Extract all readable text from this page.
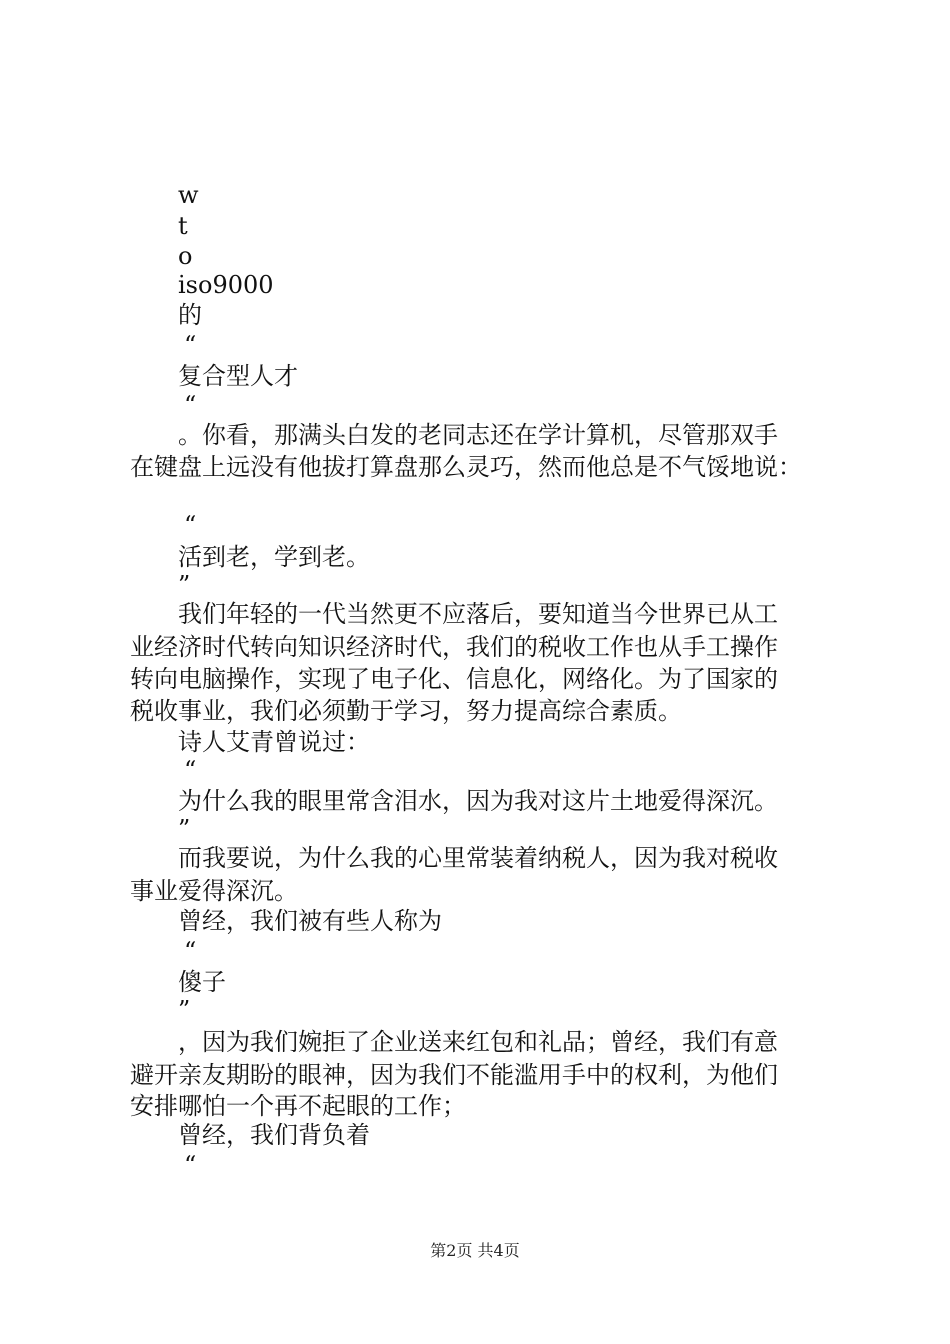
w
t
o
iso9000
的
“
复合型人才
“
。你看，那满头白发的老同志还在学计算机，尽管那双手
在键盘上远没有他拔打算盘那么灵巧，然而他总是不气馁地说：
“
活到老，学到老。
”
我们年轻的一代当然更不应落后，要知道当今世界已从工
业经济时代转向知识经济时代，我们的税收工作也从手工操作
转向电脑操作，实现了电子化、信息化，网络化。为了国家的
税收事业，我们必须勤于学习，努力提高综合素质。
诗人艾青曾说过：
“
为什么我的眼里常含泪水，因为我对这片土地爱得深沉。
”
而我要说，为什么我的心里常装着纳税人，因为我对税收
事业爱得深沉。
曾经，我们被有些人称为
“
傻子
”
，因为我们婉拒了企业送来红包和礼品；曾经，我们有意
避开亲友期盼的眼神，因为我们不能滥用手中的权利，为他们
安排哪怕一个再不起眼的工作；
曾经，我们背负着
“
第2页 共4页
